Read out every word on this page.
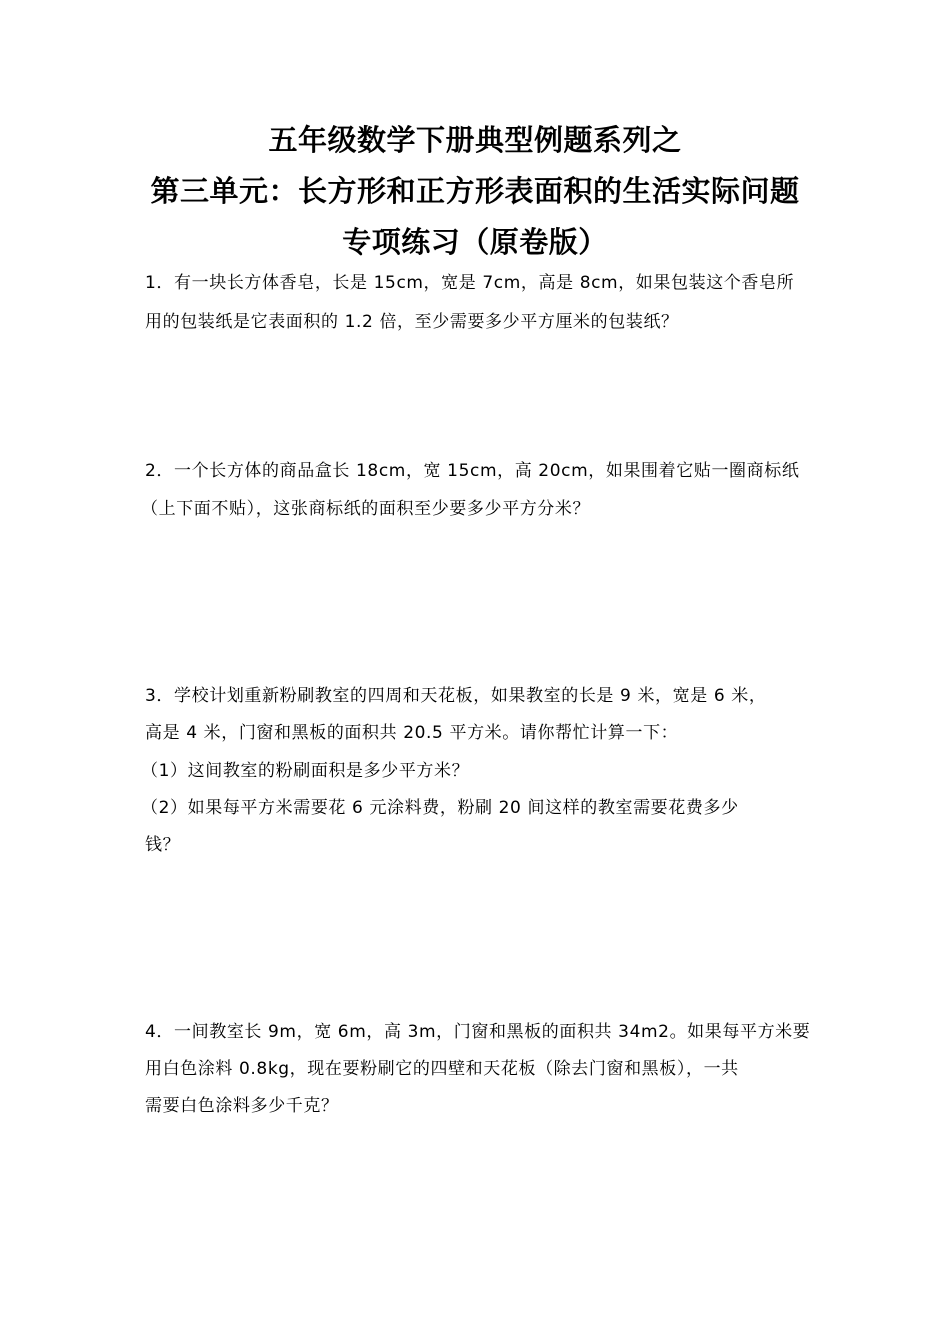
五年级数学下册典型例题系列之
第三单元：长方形和正方形表面积的生活实际问题
专项练习（原卷版）
1．有一块长方体香皂，长是 15cm，宽是 7cm，高是 8cm，如果包装这个香皂所
用的包装纸是它表面积的 1.2 倍，至少需要多少平方厘米的包装纸？
2．一个长方体的商品盒长 18cm，宽 15cm，高 20cm，如果围着它贴一圈商标纸
（上下面不贴），这张商标纸的面积至少要多少平方分米？
3．学校计划重新粉刷教室的四周和天花板，如果教室的长是 9 米，宽是 6 米，
高是 4 米，门窗和黑板的面积共 20.5 平方米。请你帮忙计算一下：
（1）这间教室的粉刷面积是多少平方米？
（2）如果每平方米需要花 6 元涂料费，粉刷 20 间这样的教室需要花费多少
钱？
4．一间教室长 9m，宽 6m，高 3m，门窗和黑板的面积共 34m2。如果每平方米要
用白色涂料 0.8kg，现在要粉刷它的四壁和天花板（除去门窗和黑板），一共
需要白色涂料多少千克？
